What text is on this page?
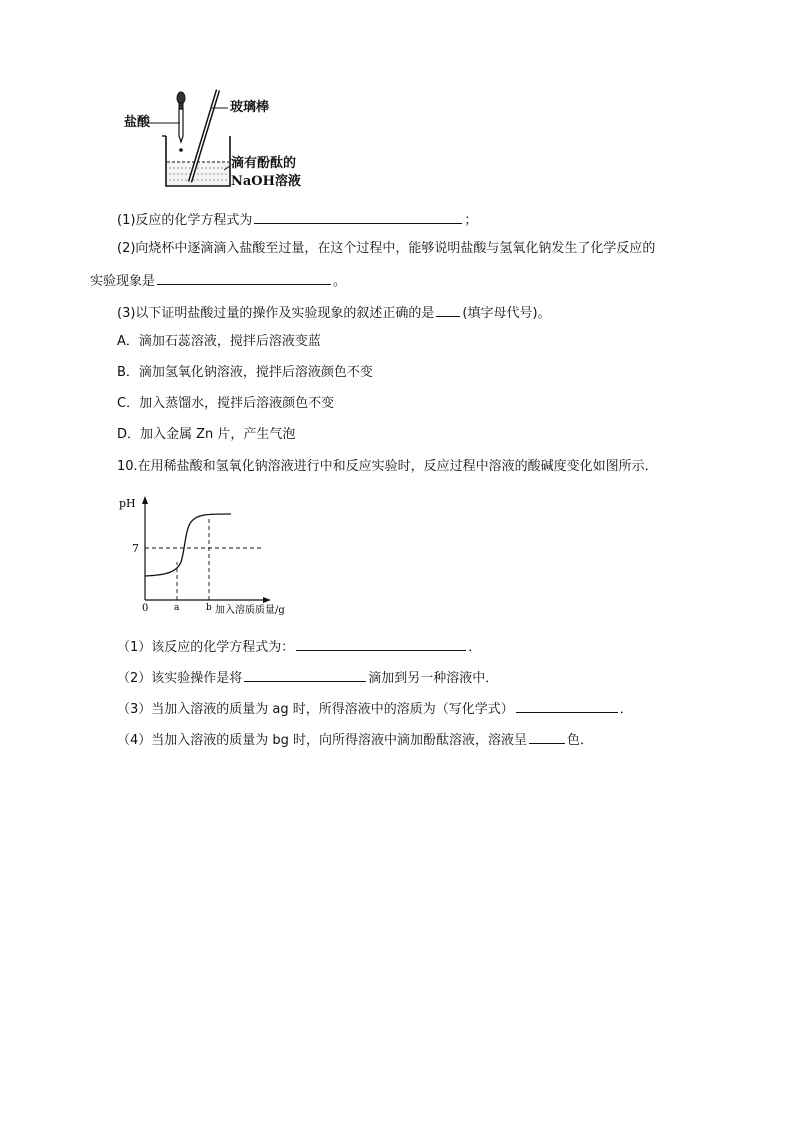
盐酸
玻璃棒
滴有酚酞的
NaOH溶液
(1)反应的化学方程式为	；
(2)向烧杯中逐滴滴入盐酸至过量，在这个过程中，能够说明盐酸与氢氧化钠发生了化学反应的
实验现象是	。
(3)以下证明盐酸过量的操作及实验现象的叙述正确的是 (填字母代号)。
A．滴加石蕊溶液，搅拌后溶液变蓝
B．滴加氢氧化钠溶液，搅拌后溶液颜色不变
C．加入蒸馏水，搅拌后溶液颜色不变
D．加入金属 Zn 片，产生气泡
10.在用稀盐酸和氢氧化钠溶液进行中和反应实验时，反应过程中溶液的酸碱度变化如图所示．
pH
7
0	a	b 加入溶质质量/g
（1）该反应的化学方程式为：	．
（2）该实验操作是将	滴加到另一种溶液中．
（3）当加入溶液的质量为 ag 时，所得溶液中的溶质为（写化学式）	．
（4）当加入溶液的质量为 bg 时，向所得溶液中滴加酚酞溶液，溶液呈	色．
